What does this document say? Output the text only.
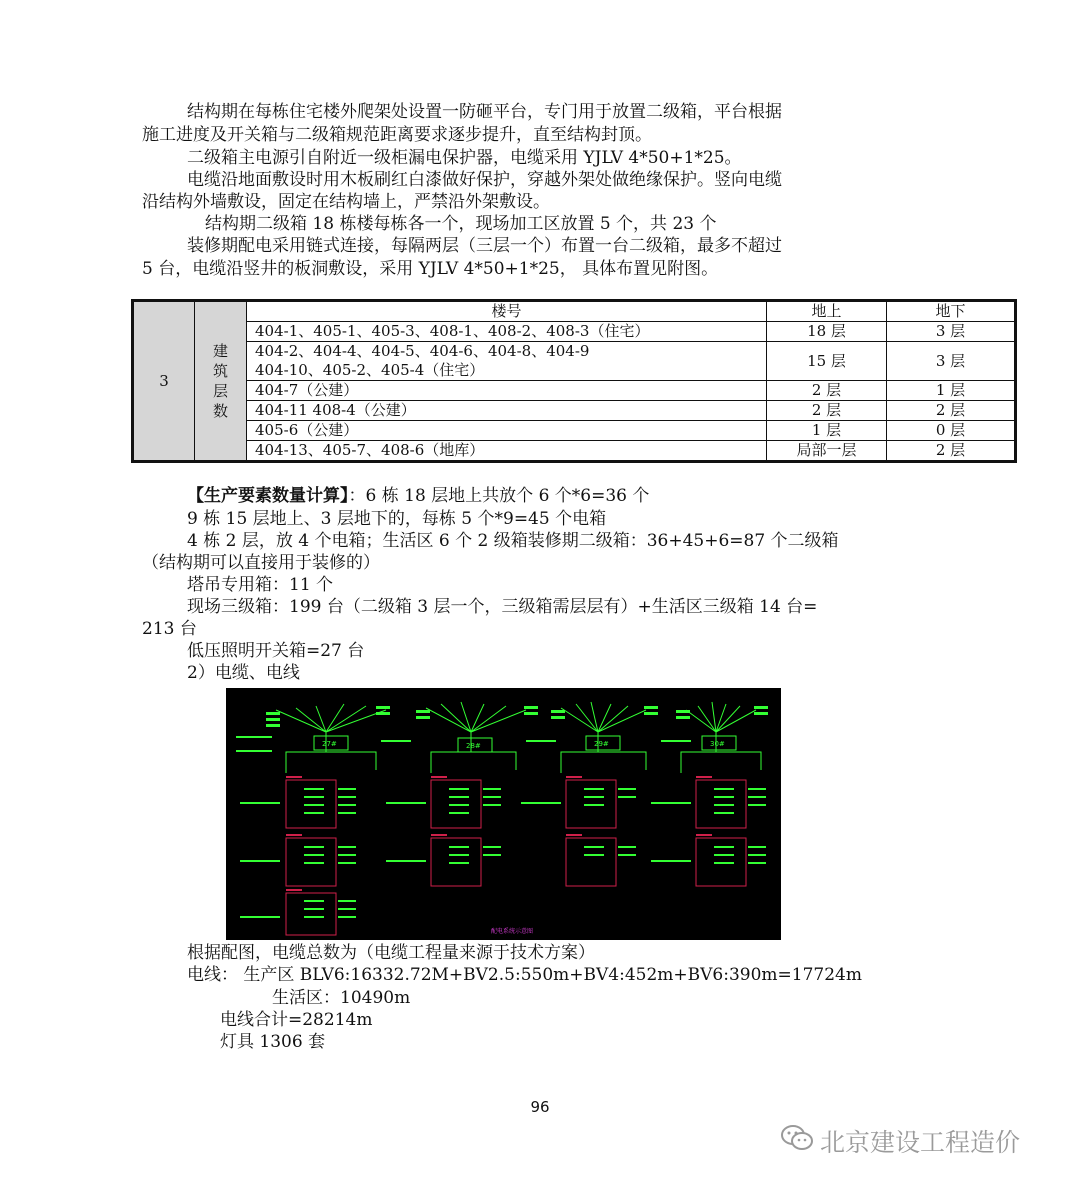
结构期在每栋住宅楼外爬架处设置一防砸平台，专门用于放置二级箱，平台根据
施工进度及开关箱与二级箱规范距离要求逐步提升，直至结构封顶。
二级箱主电源引自附近一级柜漏电保护器，电缆采用 YJLV 4*50+1*25。
电缆沿地面敷设时用木板刷红白漆做好保护，穿越外架处做绝缘保护。竖向电缆
沿结构外墙敷设，固定在结构墙上，严禁沿外架敷设。
结构期二级箱 18 栋楼每栋各一个，现场加工区放置 5 个，共 23 个
装修期配电采用链式连接，每隔两层（三层一个）布置一台二级箱，最多不超过
5 台，电缆沿竖井的板洞敷设，采用 YJLV 4*50+1*25， 具体布置见附图。
3	建筑层数	楼号	地上	地下
		404-1、405-1、405-3、408-1、408-2、408-3（住宅）	18 层	3 层

		404-2、404-4、404-5、404-6、404-8、404-9
404-10、405-2、405-4（住宅）	15 层	3 层
		404-7（公建）	2 层	1 层
		404-11 408-4（公建）	2 层	2 层
		405-6（公建）	1 层	0 层
		404-13、405-7、408-6（地库）	局部一层	2 层
【生产要素数量计算】：6 栋 18 层地上共放个 6 个*6=36 个
9 栋 15 层地上、3 层地下的，每栋 5 个*9=45 个电箱
4 栋 2 层，放 4 个电箱；生活区 6 个 2 级箱装修期二级箱：36+45+6=87 个二级箱
（结构期可以直接用于装修的）
塔吊专用箱：11 个
现场三级箱：199 台（二级箱 3 层一个，三级箱需层层有）+生活区三级箱 14 台=
213 台
低压照明开关箱=27 台
2）电缆、电线
27#	28#	29#	30#
配电系统示意图
根据配图，电缆总数为（电缆工程量来源于技术方案）
电线： 生产区 BLV6:16332.72M+BV2.5:550m+BV4:452m+BV6:390m=17724m
生活区：10490m
电线合计=28214m
灯具 1306 套
96
北京建设工程造价
